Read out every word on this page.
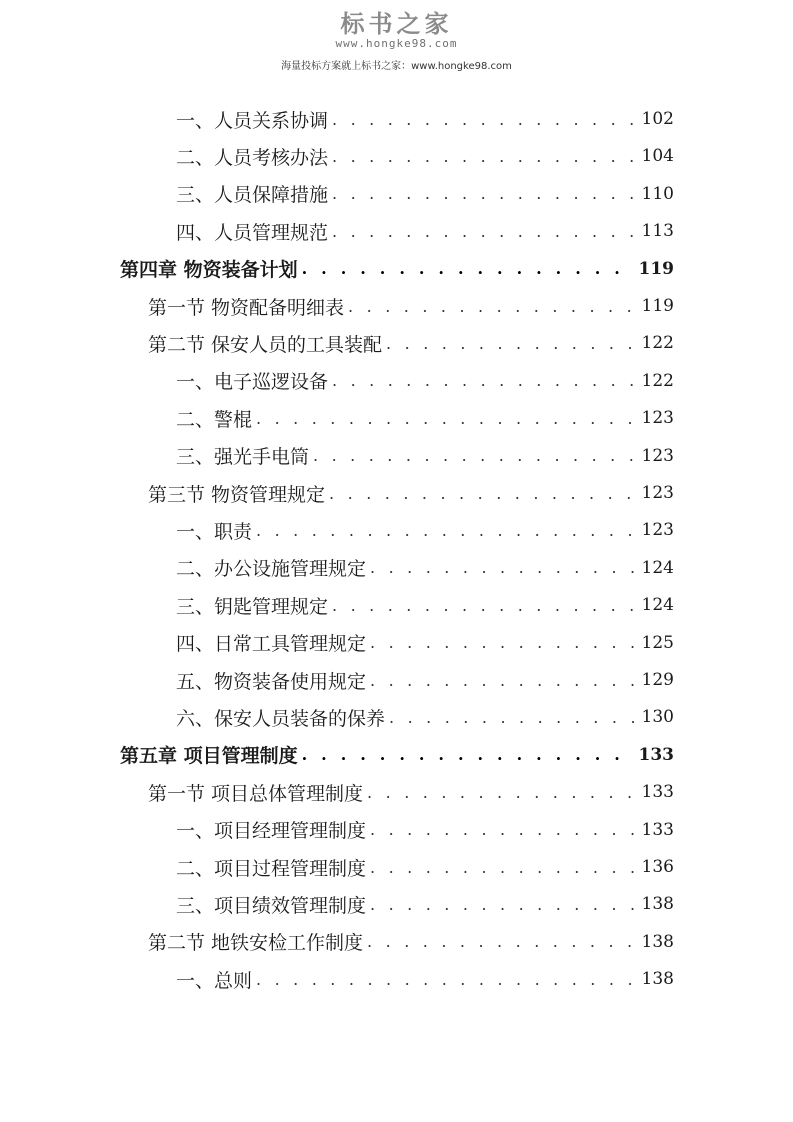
标书之家
www.hongke98.com
海量投标方案就上标书之家：www.hongke98.com
一、人员关系协调 . . .	102
二、人员考核办法 . . .	104
三、人员保障措施 . . .	110
四、人员管理规范 . . .	113
第四章 物资装备计划 . . .	119
第一节 物资配备明细表 . . .	119
第二节 保安人员的工具装配 . . .	122
一、电子巡逻设备 . . .	122
二、警棍 . . .	123
三、强光手电筒 . . .	123
第三节 物资管理规定 . . .	123
一、职责 . . .	123
二、办公设施管理规定 . . .	124
三、钥匙管理规定 . . .	124
四、日常工具管理规定 . . .	125
五、物资装备使用规定 . . .	129
六、保安人员装备的保养 . . .	130
第五章 项目管理制度 . . .	133
第一节 项目总体管理制度 . . .	133
一、项目经理管理制度 . . .	133
二、项目过程管理制度 . . .	136
三、项目绩效管理制度 . . .	138
第二节 地铁安检工作制度 . . .	138
一、总则 . . .	138
